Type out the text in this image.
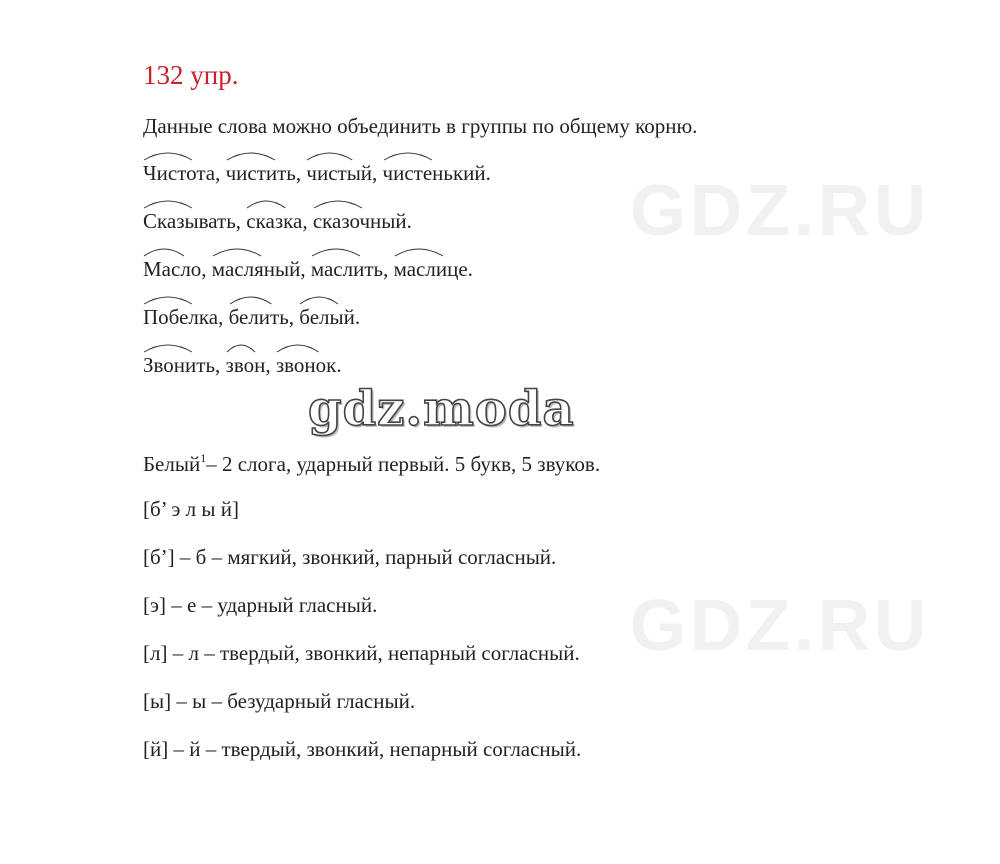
GDZ.RU
GDZ.RU
132 упр.
Данные слова можно объединить в группы по общему корню.
Чистота
, чистить
, чистый
, чистенький
.
Сказывать
, сказка
, сказочный
.
Масло
, масляный
, маслить
, маслице
.
Побелка
, белить
, белый
.
Звонить
, звон
, звонок
.
gdz.moda
Белый$^1$– 2 слога, ударный первый. 5 букв, 5 звуков.
[б’ э л ы й]
[б’] – б – мягкий, звонкий, парный согласный.
[э] – е – ударный гласный.
[л] – л – твердый, звонкий, непарный согласный.
[ы] – ы – безударный гласный.
[й] – й – твердый, звонкий, непарный согласный.
